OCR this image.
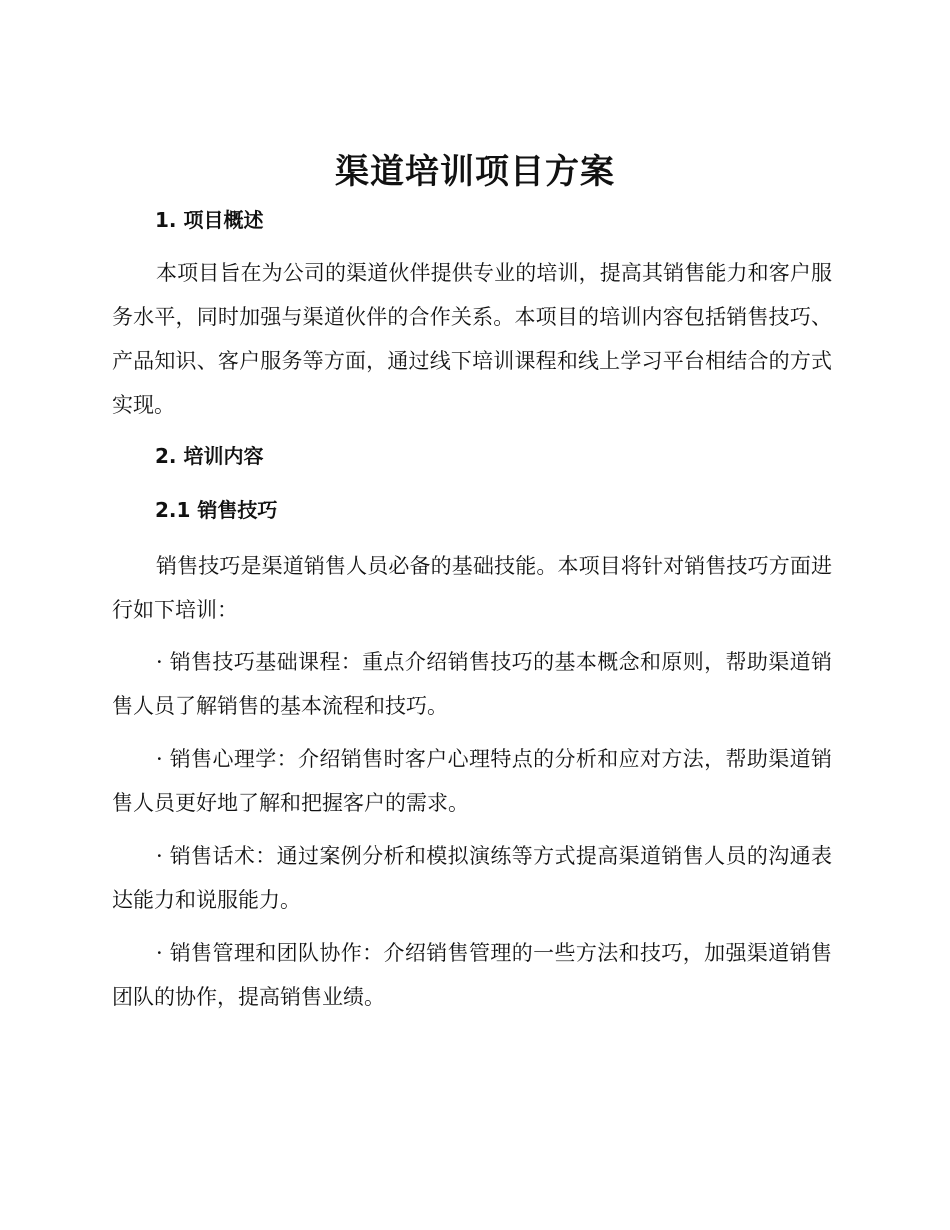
渠道培训项目方案
1. 项目概述
本项目旨在为公司的渠道伙伴提供专业的培训，提高其销售能力和客户服务水平，同时加强与渠道伙伴的合作关系。本项目的培训内容包括销售技巧、产品知识、客户服务等方面，通过线下培训课程和线上学习平台相结合的方式实现。
2. 培训内容
2.1 销售技巧
销售技巧是渠道销售人员必备的基础技能。本项目将针对销售技巧方面进行如下培训：
· 销售技巧基础课程：重点介绍销售技巧的基本概念和原则，帮助渠道销售人员了解销售的基本流程和技巧。
· 销售心理学：介绍销售时客户心理特点的分析和应对方法，帮助渠道销售人员更好地了解和把握客户的需求。
· 销售话术：通过案例分析和模拟演练等方式提高渠道销售人员的沟通表达能力和说服能力。
· 销售管理和团队协作：介绍销售管理的一些方法和技巧，加强渠道销售团队的协作，提高销售业绩。
